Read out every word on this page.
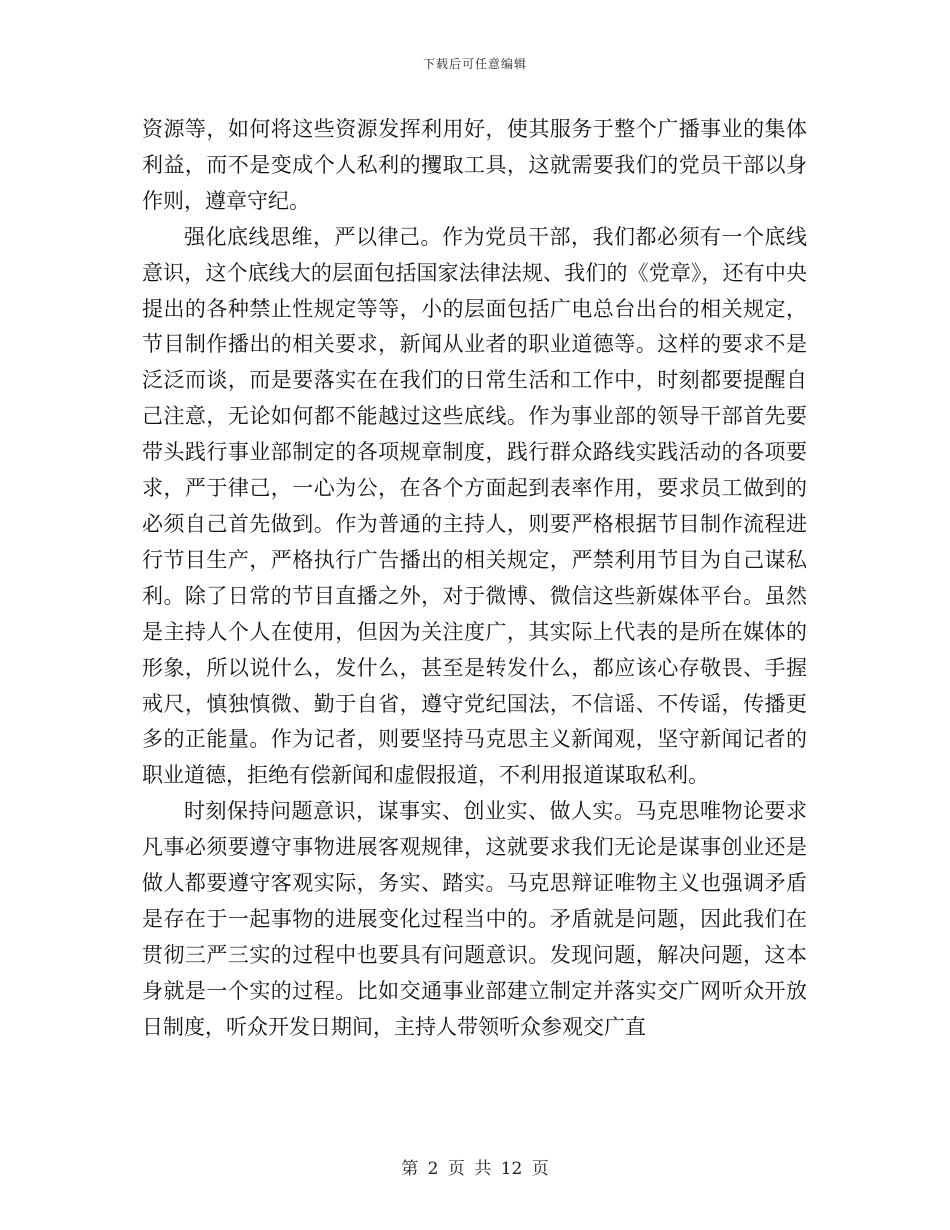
下载后可任意编辑

资源等，如何将这些资源发挥利用好，使其服务于整个广播事业的集体利益，而不是变成个人私利的攫取工具，这就需要我们的党员干部以身作则，遵章守纪。

强化底线思维，严以律己。作为党员干部，我们都必须有一个底线意识，这个底线大的层面包括国家法律法规、我们的《党章》，还有中央提出的各种禁止性规定等等，小的层面包括广电总台出台的相关规定，节目制作播出的相关要求，新闻从业者的职业道德等。这样的要求不是泛泛而谈，而是要落实在在我们的日常生活和工作中，时刻都要提醒自己注意，无论如何都不能越过这些底线。作为事业部的领导干部首先要带头践行事业部制定的各项规章制度，践行群众路线实践活动的各项要求，严于律己，一心为公，在各个方面起到表率作用，要求员工做到的必须自己首先做到。作为普通的主持人，则要严格根据节目制作流程进行节目生产，严格执行广告播出的相关规定，严禁利用节目为自己谋私利。除了日常的节目直播之外，对于微博、微信这些新媒体平台。虽然是主持人个人在使用，但因为关注度广，其实际上代表的是所在媒体的形象，所以说什么，发什么，甚至是转发什么，都应该心存敬畏、手握戒尺，慎独慎微、勤于自省，遵守党纪国法，不信谣、不传谣，传播更多的正能量。作为记者，则要坚持马克思主义新闻观，坚守新闻记者的职业道德，拒绝有偿新闻和虚假报道，不利用报道谋取私利。

时刻保持问题意识，谋事实、创业实、做人实。马克思唯物论要求凡事必须要遵守事物进展客观规律，这就要求我们无论是谋事创业还是做人都要遵守客观实际，务实、踏实。马克思辩证唯物主义也强调矛盾是存在于一起事物的进展变化过程当中的。矛盾就是问题，因此我们在贯彻三严三实的过程中也要具有问题意识。发现问题，解决问题，这本身就是一个实的过程。比如交通事业部建立制定并落实交广网听众开放日制度，听众开发日期间，主持人带领听众参观交广直

第 2 页 共 12 页
